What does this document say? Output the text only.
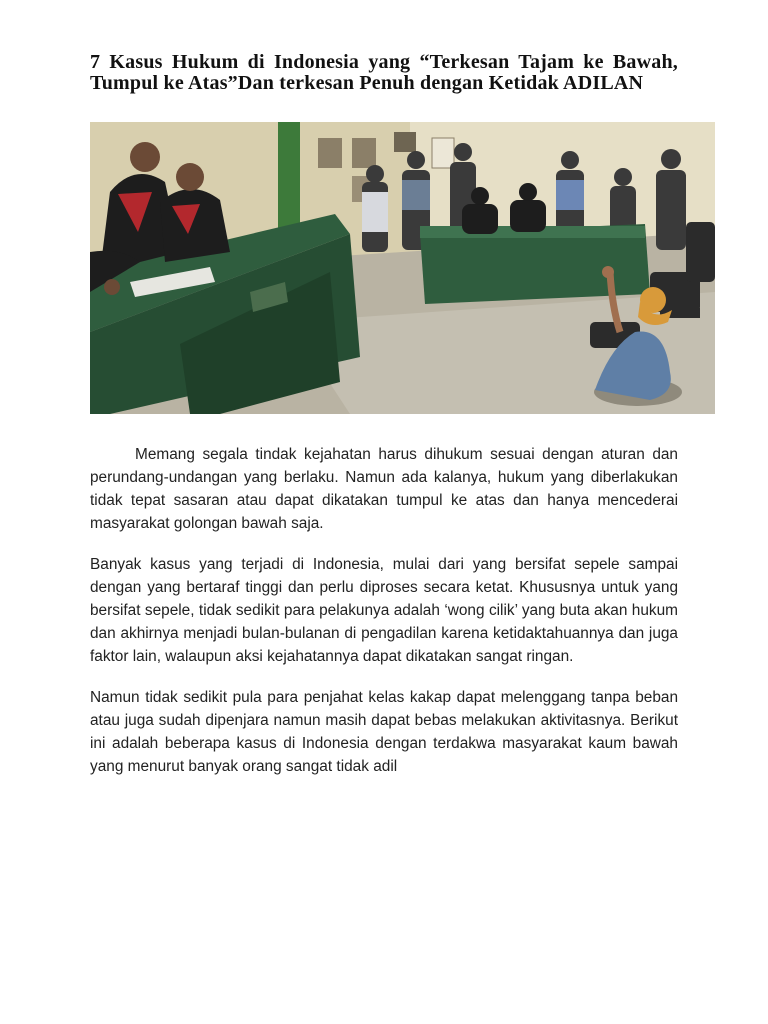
7 Kasus Hukum di Indonesia yang “Terkesan Tajam ke Bawah, Tumpul ke Atas”Dan terkesan Penuh dengan Ketidak ADILAN

Memang segala tindak kejahatan harus dihukum sesuai dengan aturan dan perundang-undangan yang berlaku. Namun ada kalanya, hukum yang diberlakukan tidak tepat sasaran atau dapat dikatakan tumpul ke atas dan hanya mencederai masyarakat golongan bawah saja.

Banyak kasus yang terjadi di Indonesia, mulai dari yang bersifat sepele sampai dengan yang bertaraf tinggi dan perlu diproses secara ketat. Khususnya untuk yang bersifat sepele, tidak sedikit para pelakunya adalah ‘wong cilik’ yang buta akan hukum dan akhirnya menjadi bulan-bulanan di pengadilan karena ketidaktahuannya dan juga faktor lain, walaupun aksi kejahatannya dapat dikatakan sangat ringan.

Namun tidak sedikit pula para penjahat kelas kakap dapat melenggang tanpa beban atau juga sudah dipenjara namun masih dapat bebas melakukan aktivitasnya. Berikut ini adalah beberapa kasus di Indonesia dengan terdakwa masyarakat kaum bawah yang menurut banyak orang sangat tidak adil
